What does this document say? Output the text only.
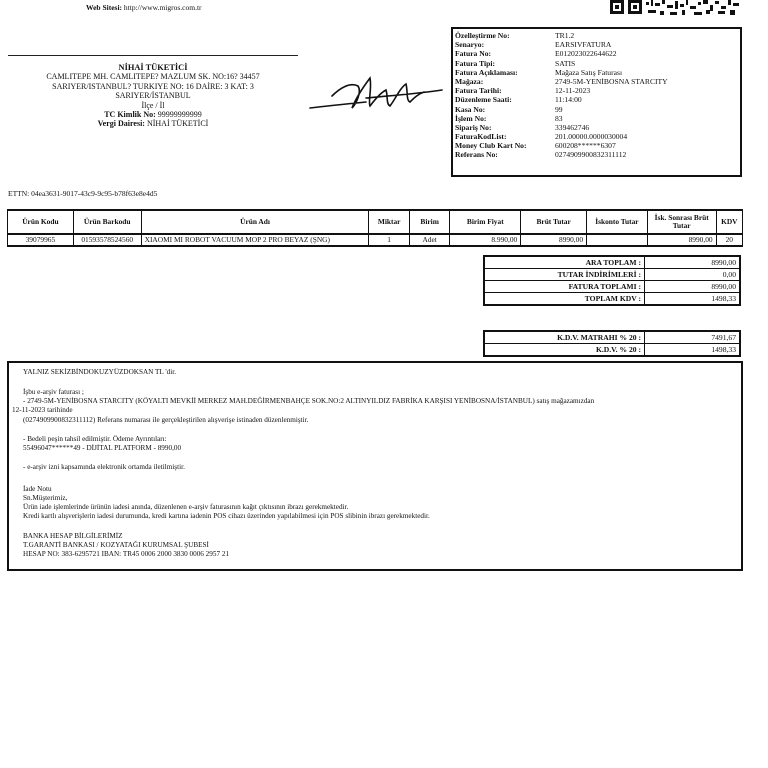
Web Sitesi: http://www.migros.com.tr
NİHAİ TÜKETİCİ
CAMLITEPE MH. CAMLITEPE? MAZLUM SK. NO:16? 34457
SARIYER/ISTANBUL? TURKIYE NO: 16 DAİRE: 3 KAT: 3
SARIYER/İSTANBUL
İlçe / İl
TC Kimlik No: 99999999999
Vergi Dairesi: NİHAİ TÜKETİCİ
Özelleştirme No:	TR1.2
Senaryo:	EARSIVFATURA
Fatura No:	E012023022644622
Fatura Tipi:	SATIS
Fatura Açıklaması:	Mağaza Satış Faturası
Mağaza:	2749-5M-YENİBOSNA STARCITY
Fatura Tarihi:	12-11-2023
Düzenleme Saati:	11:14:00
Kasa No:	99
İşlem No:	83
Sipariş No:	339462746
FaturaKodList:	201.00000.0000030004
Money Club Kart No:	600208******6307
Referans No:	0274909900832311112
ETTN: 04ea3631-9017-43c9-9c95-b78f63e8e4d5
Ürün Kodu	Ürün Barkodu	Ürün Adı	Miktar	Birim	Birim Fiyat	Brüt Tutar	İskonto Tutar	İsk. Sonrası Brüt Tutar	KDV
39079965	01593578524560	XIAOMI MI ROBOT VACUUM MOP 2 PRO BEYAZ (ŞNG)	1	Adet	8.990,00	8990,00		8990,00	20
ARA TOPLAM :	8990,00
TUTAR İNDİRİMLERİ :	0,00
FATURA TOPLAMI :	8990,00
TOPLAM KDV :	1498,33
K.D.V. MATRAHI % 20 :	7491,67
K.D.V. % 20 :	1498,33
YALNIZ SEKİZBİNDOKUZYÜZDOKSAN TL 'dir.
İşbu e-arşiv faturası ;
- 2749-5M-YENİBOSNA STARCITY (KÖYALTI MEVKİİ MERKEZ MAH.DEĞİRMENBAHÇE SOK.NO:2 ALTINYILDIZ FABRİKA KARŞISI YENİBOSNA/İSTANBUL) satış mağazamızdan
12-11-2023 tarihinde
(0274909900832311112) Referans numarası ile gerçekleştirilen alışverişe istinaden düzenlenmiştir.
- Bedeli peşin tahsil edilmiştir. Ödeme Ayrıntıları:
55496047******49 - DİJİTAL PLATFORM - 8990,00
- e-arşiv izni kapsamında elektronik ortamda iletilmiştir.
İade Notu
Sn.Müşterimiz,
Ürün iade işlemlerinde ürünün iadesi anında, düzenlenen e-arşiv faturasının kağıt çıktısının ibrazı gerekmektedir.
Kredi kartlı alışverişlerin iadesi durumunda, kredi kartına iadenin POS cihazı üzerinden yapılabilmesi için POS slibinin ibrazı gerekmektedir.
BANKA HESAP BİLGİLERİMİZ
T.GARANTİ BANKASI / KOZYATAĞI KURUMSAL ŞUBESİ
HESAP NO: 383-6295721 IBAN: TR45 0006 2000 3830 0006 2957 21
